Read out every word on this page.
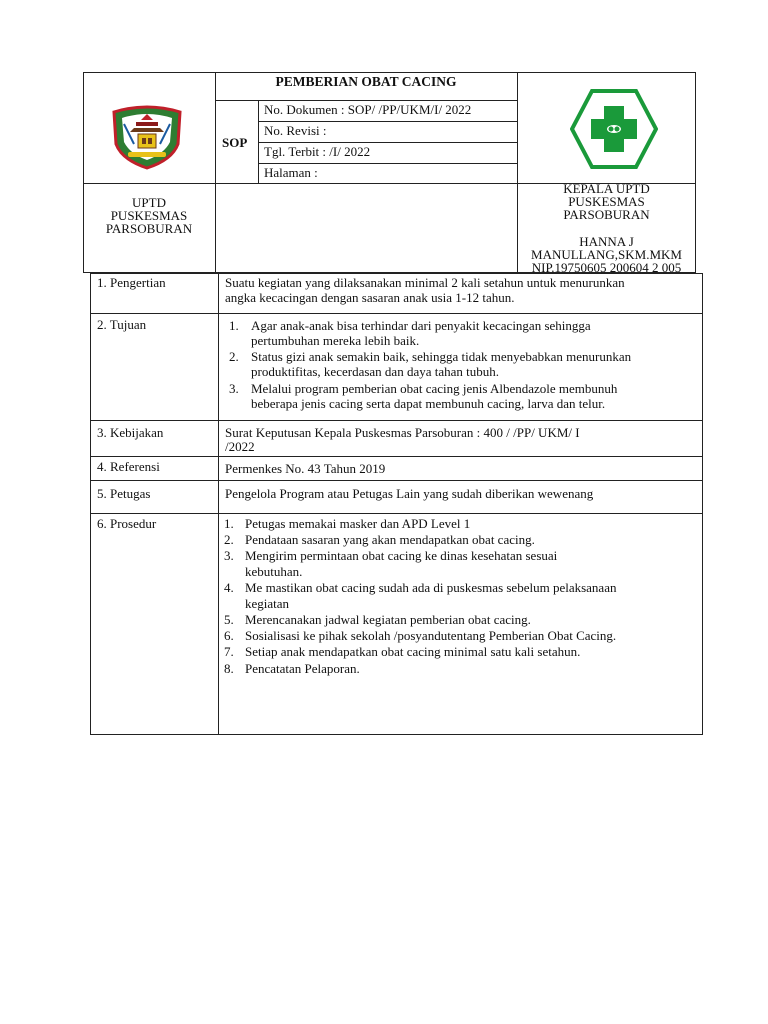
PEMBERIAN OBAT CACING
SOP
No. Dokumen : SOP/ /PP/UKM/I/ 2022
No. Revisi :
Tgl. Terbit : /I/ 2022
Halaman :
UPTD
PUSKESMAS
PARSOBURAN
KEPALA UPTD
PUSKESMAS
PARSOBURAN
HANNA J
MANULLANG,SKM.MKM
NIP.19750605 200604 2 005
1. Pengertian
2. Tujuan
3. Kebijakan
4. Referensi
5. Petugas
6. Prosedur
Suatu kegiatan yang dilaksanakan minimal 2 kali setahun untuk menurunkan
angka kecacingan dengan sasaran anak usia 1-12 tahun.
1. Agar anak-anak bisa terhindar dari penyakit kecacingan sehingga
pertumbuhan mereka lebih baik.
2. Status gizi anak semakin baik, sehingga tidak menyebabkan menurunkan
produktifitas, kecerdasan dan daya tahan tubuh.
3. Melalui program pemberian obat cacing jenis Albendazole membunuh
beberapa jenis cacing serta dapat membunuh cacing, larva dan telur.
Surat Keputusan Kepala Puskesmas Parsoburan : 400 / /PP/ UKM/ I
/2022
Permenkes No. 43 Tahun 2019
Pengelola Program atau Petugas Lain yang sudah diberikan wewenang
1. Petugas memakai masker dan APD Level 1
2. Pendataan sasaran yang akan mendapatkan obat cacing.
3. Mengirim permintaan obat cacing ke dinas kesehatan sesuai
kebutuhan.
4. Me mastikan obat cacing sudah ada di puskesmas sebelum pelaksanaan
kegiatan
5. Merencanakan jadwal kegiatan pemberian obat cacing.
6. Sosialisasi ke pihak sekolah /posyandutentang Pemberian Obat Cacing.
7. Setiap anak mendapatkan obat cacing minimal satu kali setahun.
8. Pencatatan Pelaporan.
